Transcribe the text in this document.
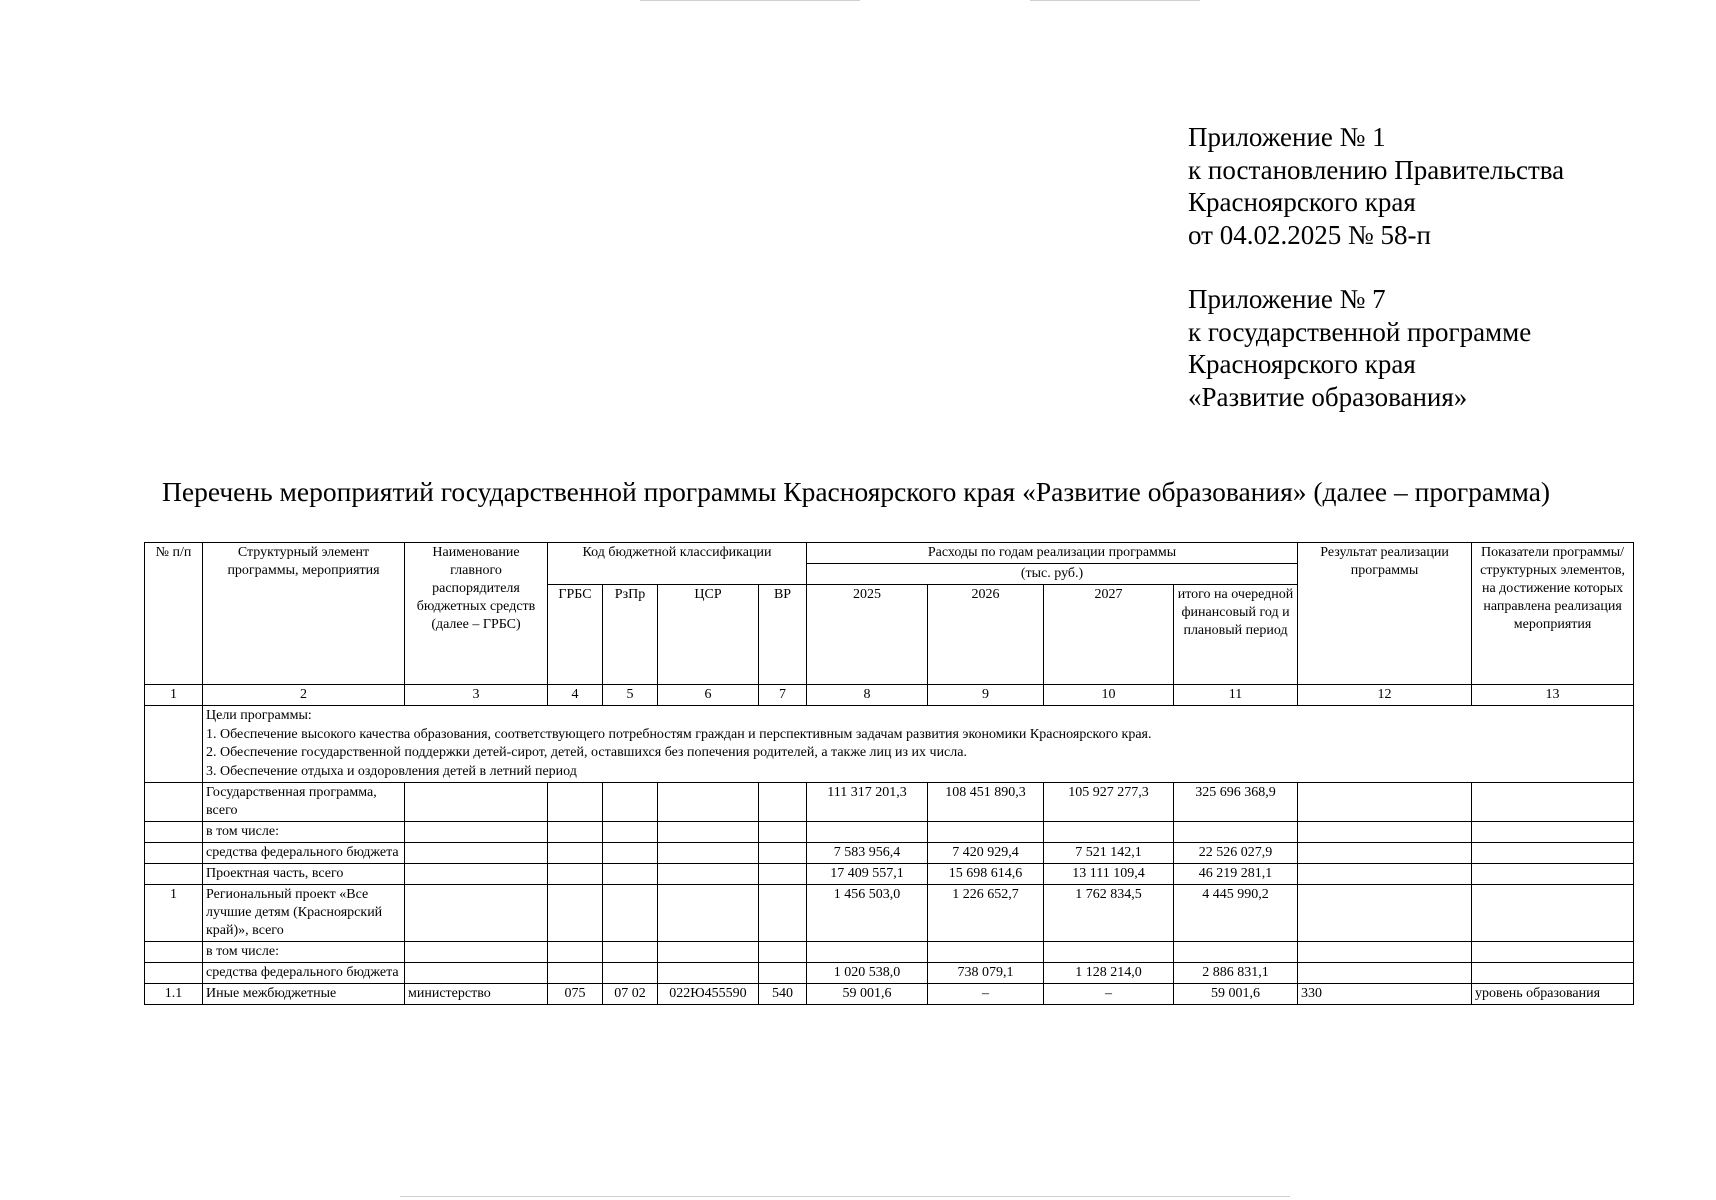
Приложение № 1
к постановлению Правительства
Красноярского края
от 04.02.2025 № 58-п
Приложение № 7
к государственной программе
Красноярского края
«Развитие образования»
Перечень мероприятий государственной программы Красноярского края «Развитие образования» (далее – программа)
№ п/п	Структурный элемент программы, мероприятия	Наименование главного распорядителя бюджетных средств (далее – ГРБС)	Код бюджетной классификации				Расходы по годам реализации программы				Результат реализации программы	Показатели программы/ структурных элементов, на достижение которых направлена реализация мероприятия
							(тыс. руб.)					
			ГРБС	РзПр	ЦСР	ВР	2025	2026	2027	итого на очередной финансовый год и плановый период		
1	2	3	4	5	6	7	8	9	10	11	12	13

	Цели программы:
1. Обеспечение высокого качества образования, соответствующего потребностям граждан и перспективным задачам развития экономики Красноярского края.
2. Обеспечение государственной поддержки детей-сирот, детей, оставшихся без попечения родителей, а также лиц из их числа.
3. Обеспечение отдыха и оздоровления детей в летний период											

	Государственная программа, всего						111 317 201,3	108 451 890,3	105 927 277,3	325 696 368,9		
	в том числе:											
	средства федерального бюджета						7 583 956,4	7 420 929,4	7 521 142,1	22 526 027,9		
	Проектная часть, всего						17 409 557,1	15 698 614,6	13 111 109,4	46 219 281,1		
1	Региональный проект «Все лучшие детям (Красноярский край)», всего						1 456 503,0	1 226 652,7	1 762 834,5	4 445 990,2		
	в том числе:											
	средства федерального бюджета						1 020 538,0	738 079,1	1 128 214,0	2 886 831,1		
1.1	Иные межбюджетные	министерство	075	07 02	022Ю455590	540	59 001,6	–	–	59 001,6	330	уровень образования
